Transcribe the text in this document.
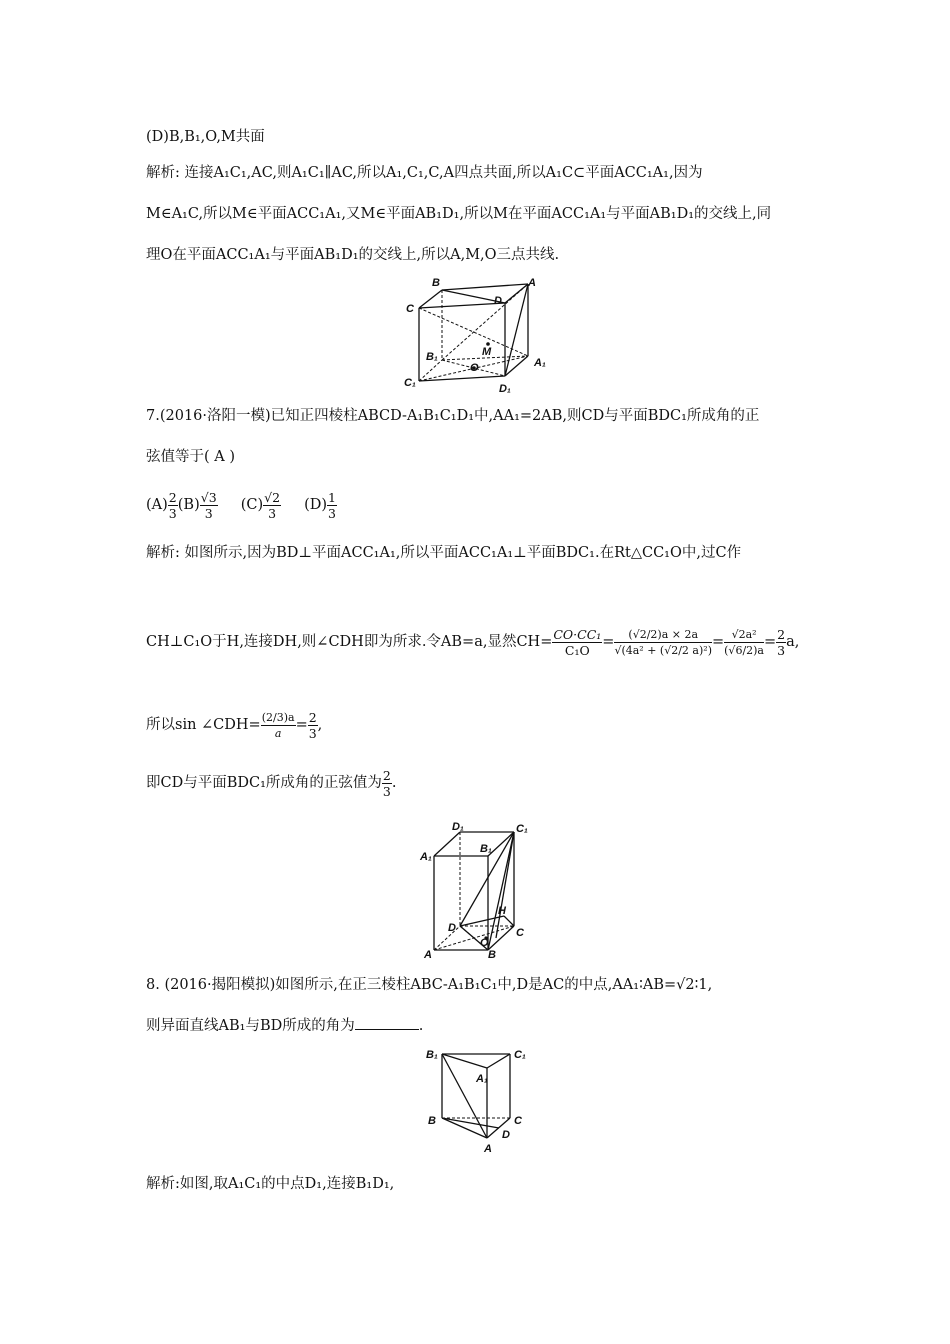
(D)B,B₁,O,M共面
解析: 连接A₁C₁,AC,则A₁C₁∥AC,所以A₁,C₁,C,A四点共面,所以A₁C⊂平面ACC₁A₁,因为
M∈A₁C,所以M∈平面ACC₁A₁,又M∈平面AB₁D₁,所以M在平面ACC₁A₁与平面AB₁D₁的交线上,同
理O在平面ACC₁A₁与平面AB₁D₁的交线上,所以A,M,O三点共线.
B	A
D
C
M
B₁
O	A₁
C₁	D₁
7.(2016·洛阳一模)已知正四棱柱ABCD-A₁B₁C₁D₁中,AA₁=2AB,则CD与平面BDC₁所成角的正
弦值等于( A )
$(A) \frac{2}{3} (B) \frac{√3}{3} (C) \frac{√2}{3} (D) \frac{1}{3}$
解析: 如图所示,因为BD⊥平面ACC₁A₁,所以平面ACC₁A₁⊥平面BDC₁.在Rt△CC₁O中,过C作
CH⊥C₁O于H,连接DH,则∠CDH即为所求.令AB=a,显然$CH= \frac{\text{CO·CC₁}}{\text{C₁O}} = \frac{(√2/2)a \times 2a}{\text{√(4a² + (√2/2 a)²)}} = \frac{\text{√2a²}}{(√6/2)a} = \frac{2}{3} a$,
所以sin ∠CDH= $\frac{(2/3)a}{a} = \frac{2}{3}$ ,
即CD与平面BDC₁所成角的正弦值为 $\frac{2}{3}$ .
D₁	C₁
A₁
B₁
H
D	C
O
A	B
8. (2016·揭阳模拟)如图所示,在正三棱柱ABC-A₁B₁C₁中,D是AC的中点,AA₁∶AB=√2∶1,
则异面直线AB₁与BD所成的角为	.
B₁	C₁
A₁
B	C
D
A
解析:如图,取A₁C₁的中点D₁,连接B₁D₁,
